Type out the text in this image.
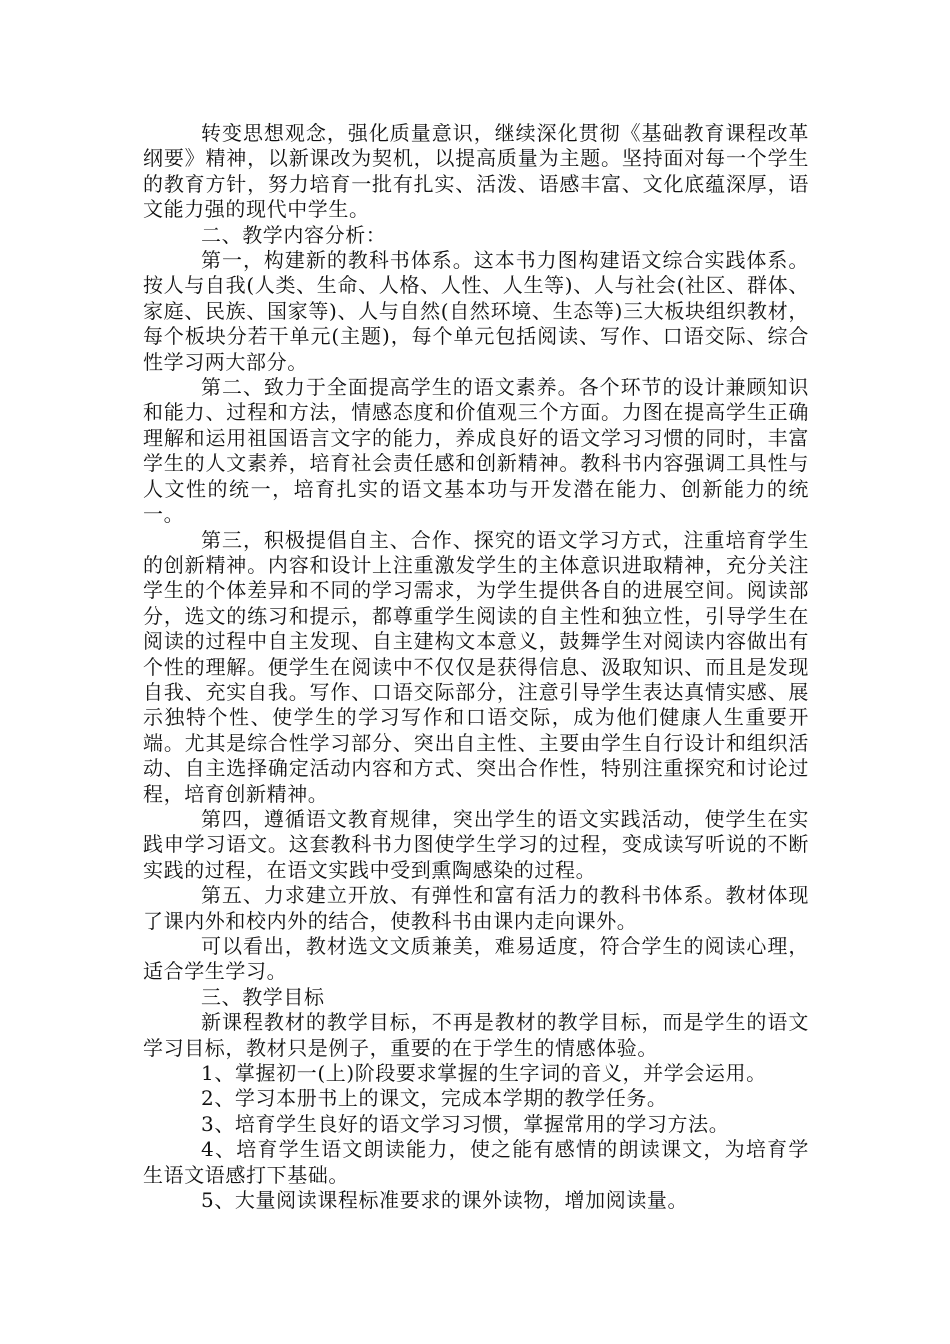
转变思想观念，强化质量意识，继续深化贯彻《基础教育课程改革纲要》精神，以新课改为契机，以提高质量为主题。坚持面对每一个学生的教育方针，努力培育一批有扎实、活泼、语感丰富、文化底蕴深厚，语文能力强的现代中学生。

二、教学内容分析：

第一，构建新的教科书体系。这本书力图构建语文综合实践体系。按人与自我(人类、生命、人格、人性、人生等)、人与社会(社区、群体、家庭、民族、国家等)、人与自然(自然环境、生态等)三大板块组织教材，每个板块分若干单元(主题)，每个单元包括阅读、写作、口语交际、综合性学习两大部分。

第二、致力于全面提高学生的语文素养。各个环节的设计兼顾知识和能力、过程和方法，情感态度和价值观三个方面。力图在提高学生正确理解和运用祖国语言文字的能力，养成良好的语文学习习惯的同时，丰富学生的人文素养，培育社会责任感和创新精神。教科书内容强调工具性与人文性的统一，培育扎实的语文基本功与开发潜在能力、创新能力的统一。

第三，积极提倡自主、合作、探究的语文学习方式，注重培育学生的创新精神。内容和设计上注重激发学生的主体意识进取精神，充分关注学生的个体差异和不同的学习需求，为学生提供各自的进展空间。阅读部分，选文的练习和提示，都尊重学生阅读的自主性和独立性，引导学生在阅读的过程中自主发现、自主建构文本意义，鼓舞学生对阅读内容做出有个性的理解。便学生在阅读中不仅仅是获得信息、汲取知识、而且是发现自我、充实自我。写作、口语交际部分，注意引导学生表达真情实感、展示独特个性、使学生的学习写作和口语交际，成为他们健康人生重要开端。尤其是综合性学习部分、突出自主性、主要由学生自行设计和组织活动、自主选择确定活动内容和方式、突出合作性，特别注重探究和讨论过程，培育创新精神。

第四，遵循语文教育规律，突出学生的语文实践活动，使学生在实践申学习语文。这套教科书力图使学生学习的过程，变成读写听说的不断实践的过程，在语文实践中受到熏陶感染的过程。

第五、力求建立开放、有弹性和富有活力的教科书体系。教材体现了课内外和校内外的结合，使教科书由课内走向课外。

可以看出，教材选文文质兼美，难易适度，符合学生的阅读心理，适合学生学习。

三、教学目标

新课程教材的教学目标，不再是教材的教学目标，而是学生的语文学习目标，教材只是例子，重要的在于学生的情感体验。

1、掌握初一(上)阶段要求掌握的生字词的音义，并学会运用。

2、学习本册书上的课文，完成本学期的教学任务。

3、培育学生良好的语文学习习惯，掌握常用的学习方法。

4、培育学生语文朗读能力，使之能有感情的朗读课文，为培育学生语文语感打下基础。

5、大量阅读课程标准要求的课外读物，增加阅读量。
